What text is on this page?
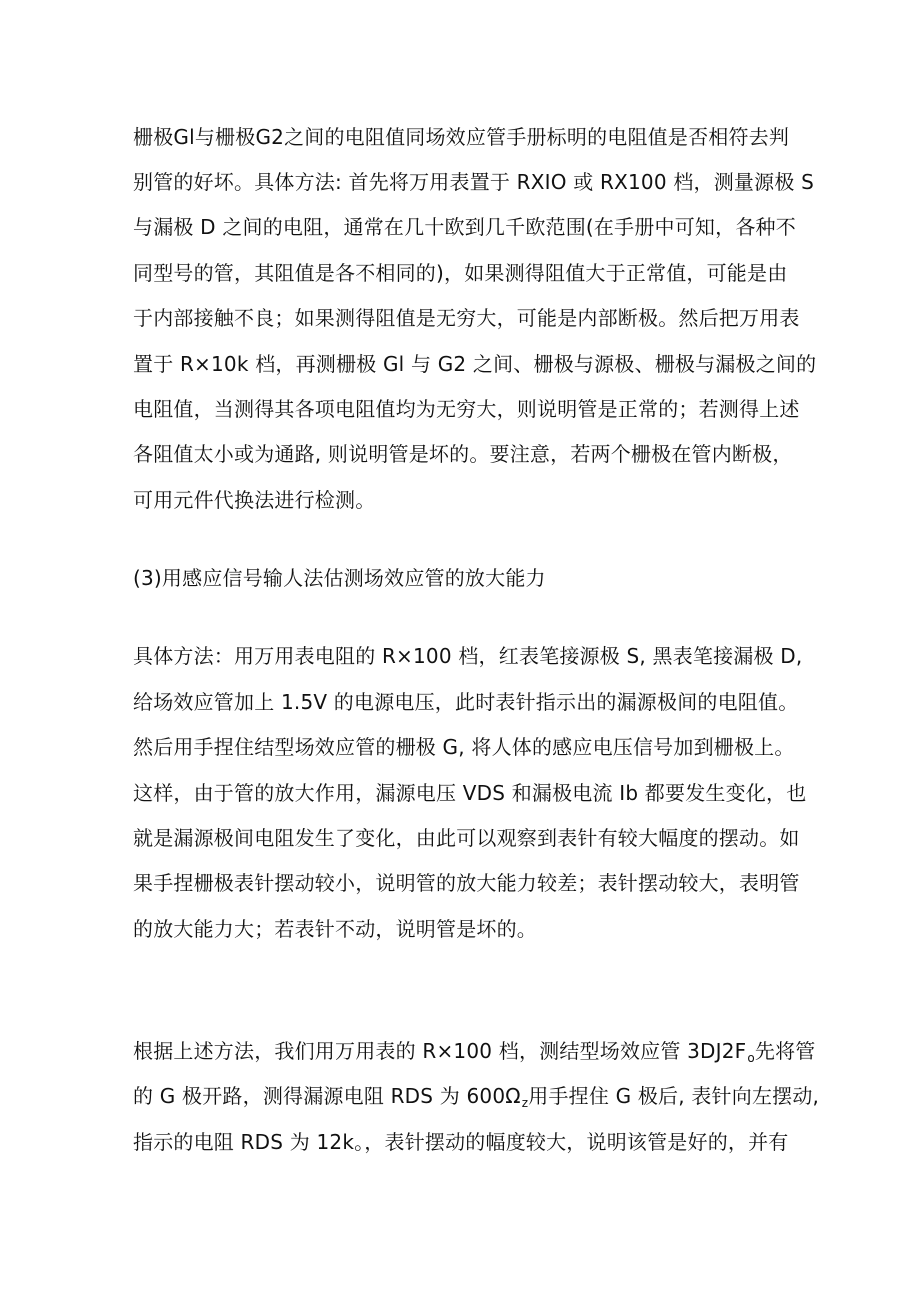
栅极Gl与栅极G2之间的电阻值同场效应管手册标明的电阻值是否相符去判
别管的好坏。具体方法: 首先将万用表置于 RXIO 或 RX100 档，测量源极 S
与漏极 D 之间的电阻，通常在几十欧到几千欧范围(在手册中可知，各种不
同型号的管，其阻值是各不相同的)，如果测得阻值大于正常值，可能是由
于内部接触不良；如果测得阻值是无穷大，可能是内部断极。然后把万用表
置于 R×10k 档，再测栅极 Gl 与 G2 之间、栅极与源极、栅极与漏极之间的
电阻值，当测得其各项电阻值均为无穷大，则说明管是正常的；若测得上述
各阻值太小或为通路, 则说明管是坏的。要注意，若两个栅极在管内断极，
可用元件代换法进行检测。
(3)用感应信号输人法估测场效应管的放大能力
具体方法：用万用表电阻的 R×100 档，红表笔接源极 S, 黑表笔接漏极 D,
给场效应管加上 1.5V 的电源电压，此时表针指示出的漏源极间的电阻值。
然后用手捏住结型场效应管的栅极 G, 将人体的感应电压信号加到栅极上。
这样，由于管的放大作用，漏源电压 VDS 和漏极电流 Ib 都要发生变化，也
就是漏源极间电阻发生了变化，由此可以观察到表针有较大幅度的摆动。如
果手捏栅极表针摆动较小，说明管的放大能力较差；表针摆动较大，表明管
的放大能力大；若表针不动，说明管是坏的。
根据上述方法，我们用万用表的 R×100 档，测结型场效应管 $3DJ2F_o$先将管
的 G 极开路，测得漏源电阻 RDS 为 $600\Omega_z$用手捏住 G 极后, 表针向左摆动,
指示的电阻 RDS 为 12k。，表针摆动的幅度较大，说明该管是好的，并有
